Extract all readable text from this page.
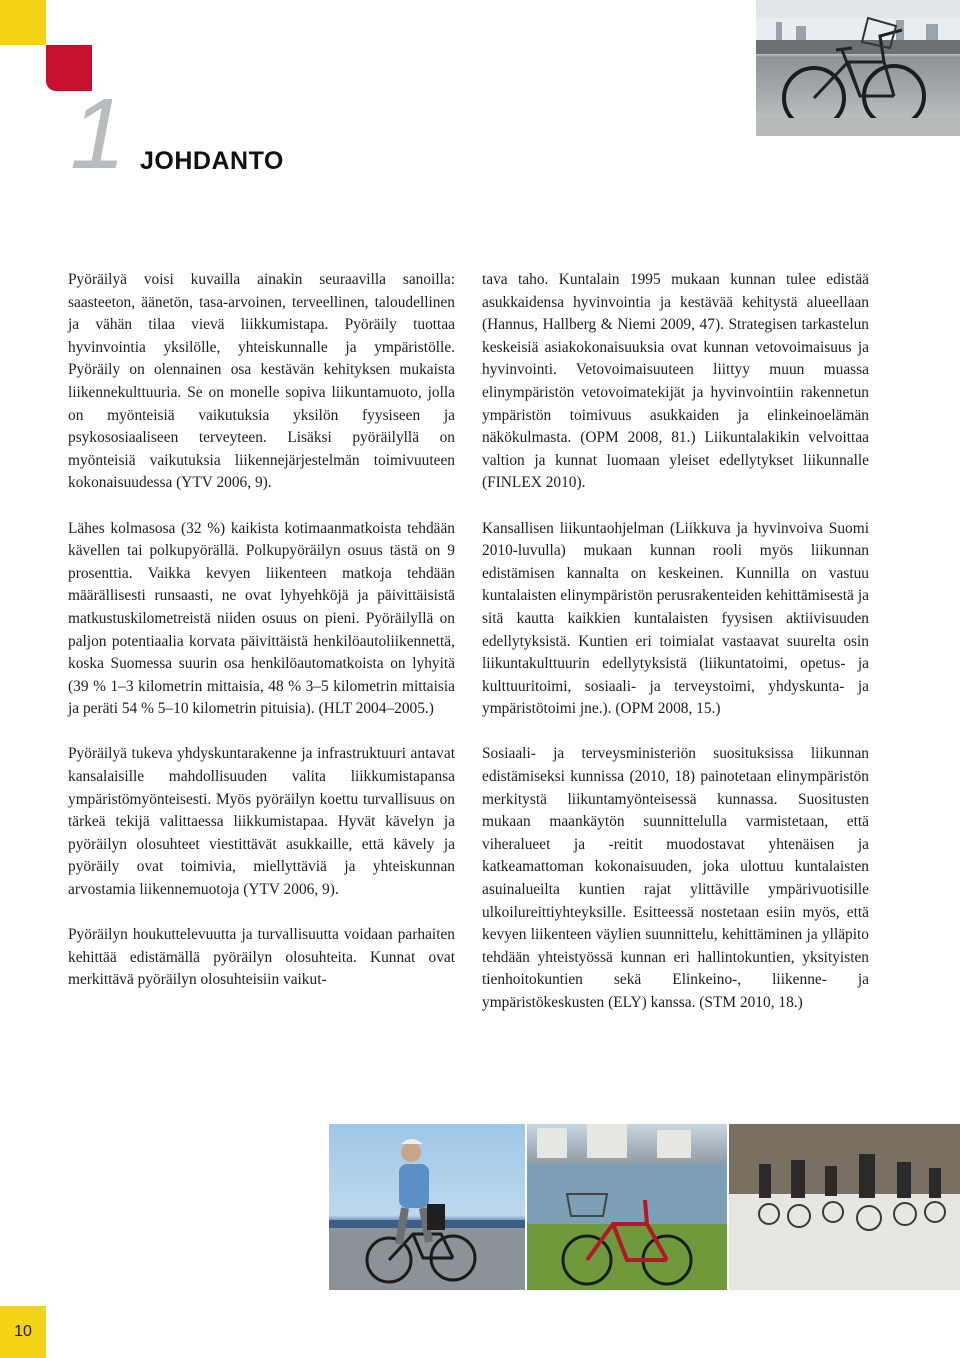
1 JOHDANTO

Pyöräilyä voisi kuvailla ainakin seuraavilla sanoilla: saasteeton, äänetön, tasa-arvoinen, terveellinen, taloudellinen ja vähän tilaa vievä liikkumistapa. Pyöräily tuottaa hyvinvointia yksilölle, yhteiskunnalle ja ympäristölle. Pyöräily on olennainen osa kestävän kehityksen mukaista liikennekulttuuria. Se on monelle sopiva liikuntamuoto, jolla on myönteisiä vaikutuksia yksilön fyysiseen ja psykososiaaliseen terveyteen. Lisäksi pyöräilyllä on myönteisiä vaikutuksia liikennejärjestelmän toimivuuteen kokonaisuudessa (YTV 2006, 9).

Lähes kolmasosa (32 %) kaikista kotimaanmatkoista tehdään kävellen tai polkupyörällä. Polkupyöräilyn osuus tästä on 9 prosenttia. Vaikka kevyen liikenteen matkoja tehdään määrällisesti runsaasti, ne ovat lyhyehköjä ja päivittäisistä matkustuskilometreistä niiden osuus on pieni. Pyöräilyllä on paljon potentiaalia korvata päivittäistä henkilöautoliikennettä, koska Suomessa suurin osa henkilöautomatkoista on lyhyitä (39 % 1–3 kilometrin mittaisia, 48 % 3–5 kilometrin mittaisia ja peräti 54 % 5–10 kilometrin pituisia). (HLT 2004–2005.)

Pyöräilyä tukeva yhdyskuntarakenne ja infrastruktuuri antavat kansalaisille mahdollisuuden valita liikkumistapansa ympäristömyönteisesti. Myös pyöräilyn koettu turvallisuus on tärkeä tekijä valittaessa liikkumistapaa. Hyvät kävelyn ja pyöräilyn olosuhteet viestittävät asukkaille, että kävely ja pyöräily ovat toimivia, miellyttäviä ja yhteiskunnan arvostamia liikennemuotoja (YTV 2006, 9).

Pyöräilyn houkuttelevuutta ja turvallisuutta voidaan parhaiten kehittää edistämällä pyöräilyn olosuhteita. Kunnat ovat merkittävä pyöräilyn olosuhteisiin vaikut-

tava taho. Kuntalain 1995 mukaan kunnan tulee edistää asukkaidensa hyvinvointia ja kestävää kehitystä alueellaan (Hannus, Hallberg & Niemi 2009, 47). Strategisen tarkastelun keskeisiä asiakokonaisuuksia ovat kunnan vetovoimaisuus ja hyvinvointi. Vetovoimaisuuteen liittyy muun muassa elinympäristön vetovoimatekijät ja hyvinvointiin rakennetun ympäristön toimivuus asukkaiden ja elinkeinoelämän näkökulmasta. (OPM 2008, 81.) Liikuntalakikin velvoittaa valtion ja kunnat luomaan yleiset edellytykset liikunnalle (FINLEX 2010).

Kansallisen liikuntaohjelman (Liikkuva ja hyvinvoiva Suomi 2010-luvulla) mukaan kunnan rooli myös liikunnan edistämisen kannalta on keskeinen. Kunnilla on vastuu kuntalaisten elinympäristön perusrakenteiden kehittämisestä ja sitä kautta kaikkien kuntalaisten fyysisen aktiivisuuden edellytyksistä. Kuntien eri toimialat vastaavat suurelta osin liikuntakulttuurin edellytyksistä (liikuntatoimi, opetus- ja kulttuuritoimi, sosiaali- ja terveystoimi, yhdyskunta- ja ympäristötoimi jne.). (OPM 2008, 15.)

Sosiaali- ja terveysministeriön suosituksissa liikunnan edistämiseksi kunnissa (2010, 18) painotetaan elinympäristön merkitystä liikuntamyönteisessä kunnassa. Suositusten mukaan maankäytön suunnittelulla varmistetaan, että viheralueet ja -reitit muodostavat yhtenäisen ja katkeamattoman kokonaisuuden, joka ulottuu kuntalaisten asuinalueilta kuntien rajat ylittäville ympärivuotisille ulkoilureittiyhteyksille. Esitteessä nostetaan esiin myös, että kevyen liikenteen väylien suunnittelu, kehittäminen ja ylläpito tehdään yhteistyössä kunnan eri hallintokuntien, yksityisten tienhoitokuntien sekä Elinkeino-, liikenne- ja ympäristökeskusten (ELY) kanssa. (STM 2010, 18.)

10
